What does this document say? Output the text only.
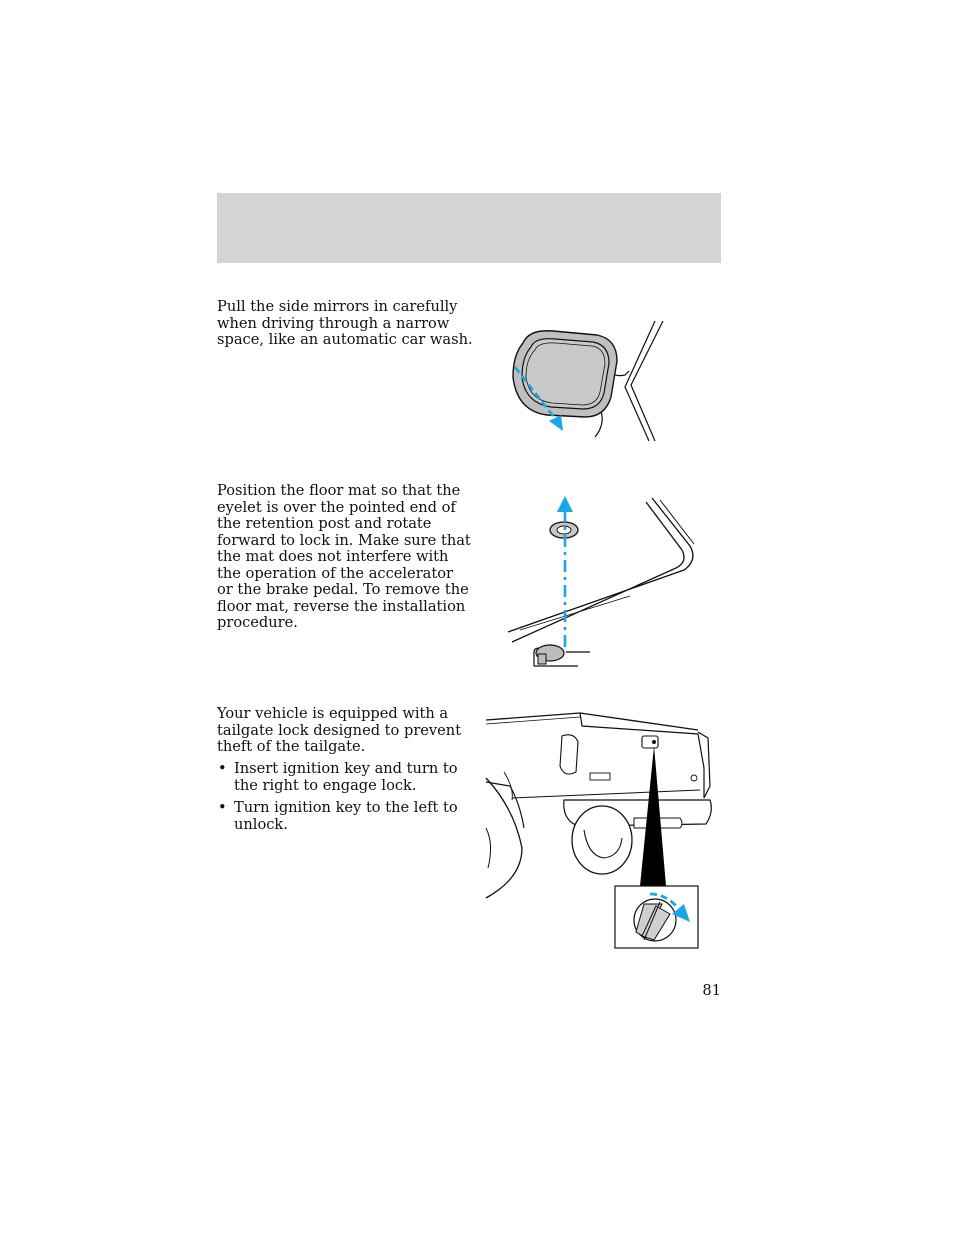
Pull the side mirrors in carefully when driving through a narrow space, like an automatic car wash.

Position the floor mat so that the eyelet is over the pointed end of the retention post and rotate forward to lock in. Make sure that the mat does not interfere with the operation of the accelerator or the brake pedal. To remove the floor mat, reverse the installation procedure.

Your vehicle is equipped with a tailgate lock designed to prevent theft of the tailgate.

• Insert ignition key and turn to the right to engage lock.
• Turn ignition key to the left to unlock.
81
